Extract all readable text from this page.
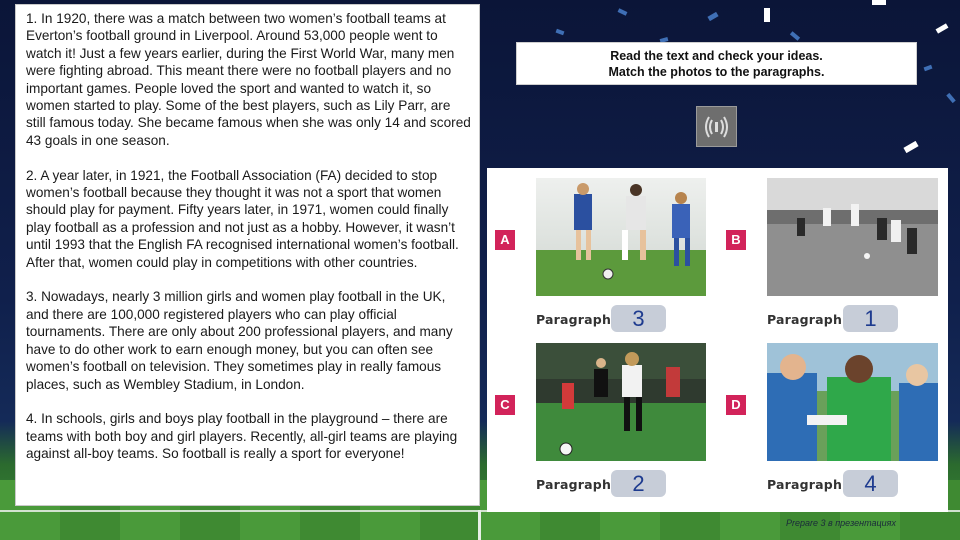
1. In 1920, there was a match between two women’s football teams at Everton’s football ground in Liverpool. Around 53,000 people went to watch it! Just a few years earlier, during the First World War, many men were fighting abroad. This meant there were no football players and no important games. People loved the sport and wanted to watch it, so women started to play. Some of the best players, such as Lily Parr, are still famous today. She became famous when she was only 14 and scored 43 goals in one season.

2. A year later, in 1921, the Football Association (FA) decided to stop women’s football because they thought it was not a sport that women should play for payment. Fifty years later, in 1971, women could finally play football as a profession and not just as a hobby. However, it wasn’t until 1993 that the English FA recognised international women’s football. After that, women could play in competitions with other countries.

3. Nowadays, nearly 3 million girls and women play football in the UK, and there are 100,000 registered players who can play official tournaments. There are only about 200 professional players, and many have to do other work to earn enough money, but you can often see women’s football on television. They sometimes play in really famous places, such as Wembley Stadium, in London.

4. In schools, girls and boys play football in the playground – there are teams with both boy and girl players. Recently, all-girl teams are playing against all-boy teams. So football is really a sport for everyone!

Read the text and check your ideas.
Match the photos to the paragraphs.
A
Paragraph 3
B
Paragraph	1
C
Paragraph 2
D
Paragraph	4
Prepare 3 в презентациях
